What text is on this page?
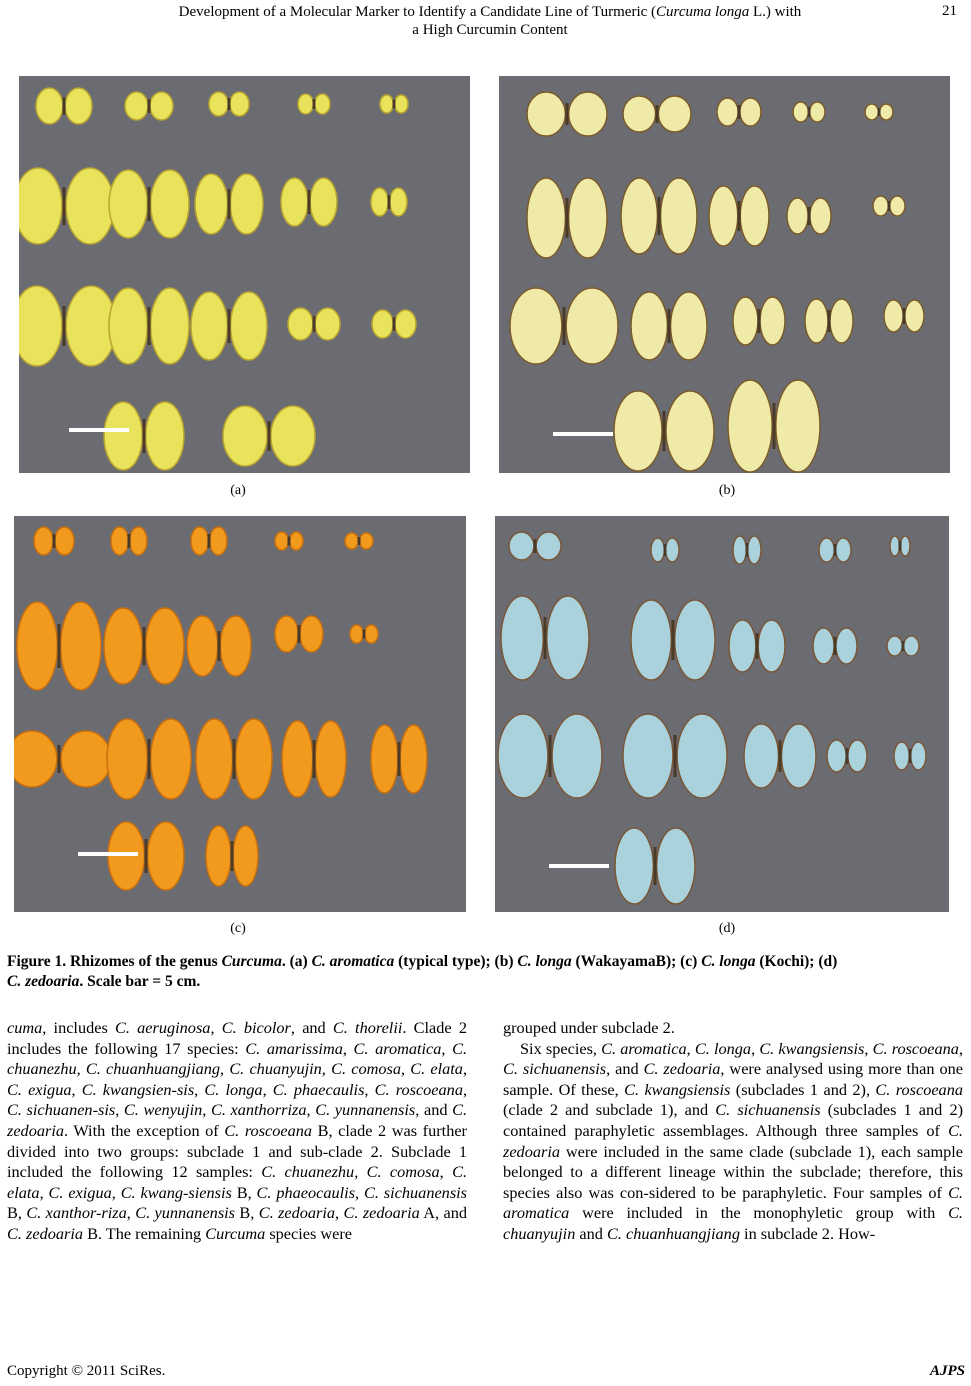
Development of a Molecular Marker to Identify a Candidate Line of Turmeric (Curcuma longa L.) with
a High Curcumin Content
21
(a)	(b)
(c)	(d)
Figure 1. Rhizomes of the genus Curcuma. (a) C. aromatica (typical type); (b) C. longa (WakayamaB); (c) C. longa (Kochi); (d)
C. zedoaria. Scale bar = 5 cm.

cuma, includes C. aeruginosa, C. bicolor, and C. thorelii. Clade 2 includes the following 17 species: C. amarissima, C. aromatica, C. chuanezhu, C. chuanhuangjiang, C. chuanyujin, C. comosa, C. elata, C. exigua, C. kwangsien-sis, C. longa, C. phaecaulis, C. roscoeana, C. sichuanen-sis, C. wenyujin, C. xanthorriza, C. yunnanensis, and C. zedoaria. With the exception of C. roscoeana B, clade 2 was further divided into two groups: subclade 1 and sub-clade 2. Subclade 1 included the following 12 samples: C. chuanezhu, C. comosa, C. elata, C. exigua, C. kwang-siensis B, C. phaeocaulis, C. sichuanensis B, C. xanthor-riza, C. yunnanensis B, C. zedoaria, C. zedoaria A, and C. zedoaria B. The remaining Curcuma species were

grouped under subclade 2.

Six species, C. aromatica, C. longa, C. kwangsiensis, C. roscoeana, C. sichuanensis, and C. zedoaria, were analysed using more than one sample. Of these, C. kwangsiensis (subclades 1 and 2), C. roscoeana (clade 2 and subclade 1), and C. sichuanensis (subclades 1 and 2) contained paraphyletic assemblages. Although three samples of C. zedoaria were included in the same clade (subclade 1), each sample belonged to a different lineage within the subclade; therefore, this species also was con-sidered to be paraphyletic. Four samples of C. aromatica were included in the monophyletic group with C. chuanyujin and C. chuanhuangjiang in subclade 2. How-

Copyright © 2011 SciRes.	AJPS
